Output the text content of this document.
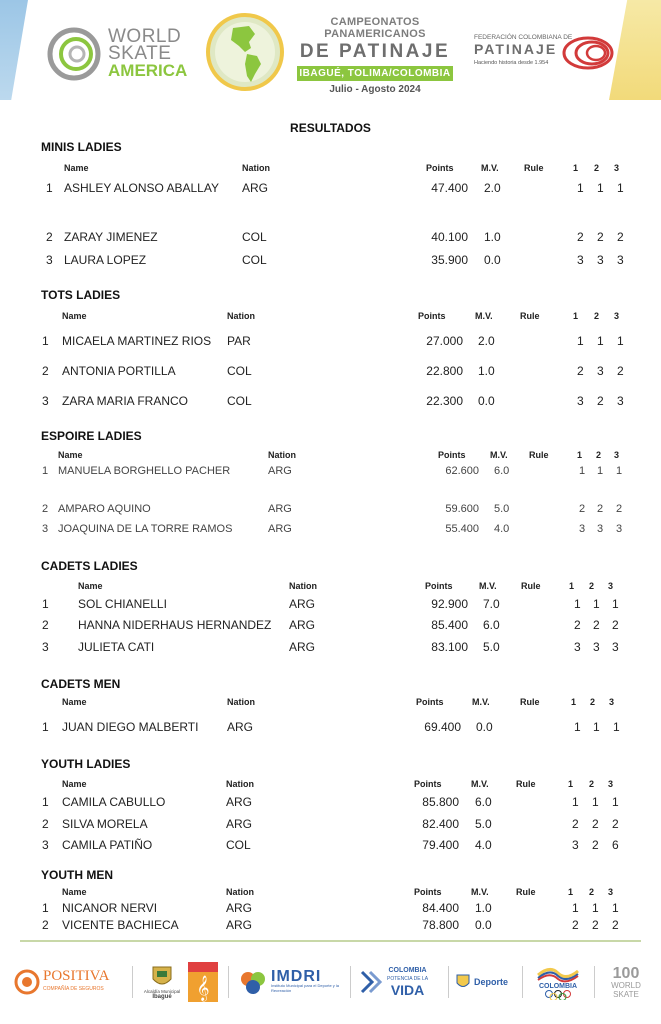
WORLD
SKATE
AMERICA
CAMPEONATOS PANAMERICANOS
DE PATINAJE
IBAGUÉ, TOLIMA/COLOMBIA
Julio - Agosto 2024
FEDERACIÓN COLOMBIANA DE
PATINAJE
Haciendo historia desde 1.954
RESULTADOS
MINIS LADIES
Name	Nation	Points	M.V.	Rule	1 2 3
1 ASHLEY ALONSO ABALLAY ARG	47.400 2.0	1 1 1
2 ZARAY JIMENEZ	COL	40.100 1.0	2 2 2
3 LAURA LOPEZ	COL	35.900 0.0	3 3 3
TOTS LADIES
Name	Nation	Points	M.V.	Rule	1 2 3
1 MICAELA MARTINEZ RIOS PAR	27.000 2.0	1 1 1
2 ANTONIA PORTILLA	COL	22.800 1.0	2 3 2
3 ZARA MARIA FRANCO	COL	22.300 0.0	3 2 3
ESPOIRE LADIES
Name	Nation	Points	M.V. Rule	1 2 3
1 MANUELA BORGHELLO PACHER	ARG	62.600 6.0	1 1 1
2 AMPARO AQUINO	ARG	59.600 5.0	2 2 2
3 JOAQUINA DE LA TORRE RAMOS	ARG	55.400 4.0	3 3 3
CADETS LADIES
Name	Nation	Points	M.V.	Rule	1 2 3
1 SOL CHIANELLI	ARG	92.900 7.0	1 1 1
2 HANNA NIDERHAUS HERNANDEZ ARG	85.400 6.0	2 2 2
3 JULIETA CATI	ARG	83.100 5.0	3 3 3
CADETS MEN
Name	Nation	Points	M.V.	Rule	1 2 3
1 JUAN DIEGO MALBERTI ARG	69.400 0.0	1 1 1
YOUTH LADIES
Name	Nation	Points	M.V.	Rule	1 2 3
1 CAMILA CABULLO	ARG	85.800 6.0	1 1 1
2 SILVA MORELA	ARG	82.400 5.0	2 2 2
3 CAMILA PATIÑO	COL	79.400 4.0	3 2 6
YOUTH MEN
Name	Nation	Points	M.V.	Rule	1 2 3
1 NICANOR NERVI	ARG	84.400 1.0	1 1 1
2 VICENTE BACHIECA	ARG	78.800 0.0	2 2 2
POSITIVA
COMPAÑÍA DE SEGUROS	Alcaldía Municipal
Ibagué 𝄞	IMDRI
Instituto Municipal para el Deporte y la Recreación
COLOMBIA
POTENCIA DE LA
VIDA	Deporte	COLOMBIA
100
WORLD
SKATE
